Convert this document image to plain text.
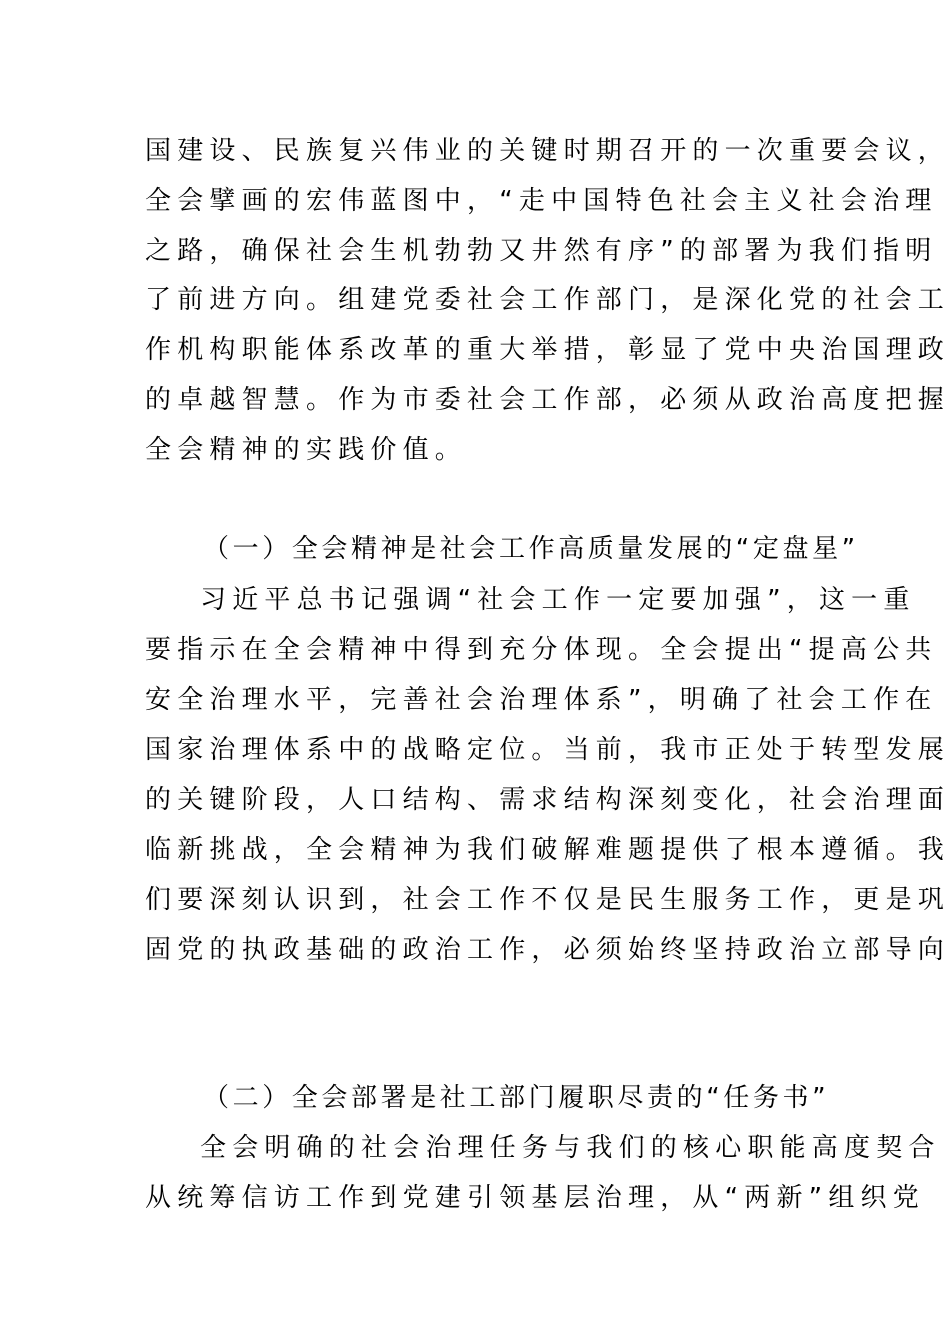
国建设、民族复兴伟业的关键时期召开的一次重要会议，
全会擘画的宏伟蓝图中，“走中国特色社会主义社会治理
之路，确保社会生机勃勃又井然有序”的部署为我们指明
了前进方向。组建党委社会工作部门，是深化党的社会工
作机构职能体系改革的重大举措，彰显了党中央治国理政
的卓越智慧。作为市委社会工作部，必须从政治高度把握
全会精神的实践价值。
（一）全会精神是社会工作高质量发展的“定盘星”
习近平总书记强调“社会工作一定要加强”，这一重
要指示在全会精神中得到充分体现。全会提出“提高公共
安全治理水平，完善社会治理体系”，明确了社会工作在
国家治理体系中的战略定位。当前，我市正处于转型发展
的关键阶段，人口结构、需求结构深刻变化，社会治理面
临新挑战，全会精神为我们破解难题提供了根本遵循。我
们要深刻认识到，社会工作不仅是民生服务工作，更是巩
固党的执政基础的政治工作，必须始终坚持政治立部导向
（二）全会部署是社工部门履职尽责的“任务书”
全会明确的社会治理任务与我们的核心职能高度契合
从统筹信访工作到党建引领基层治理，从“两新”组织党
